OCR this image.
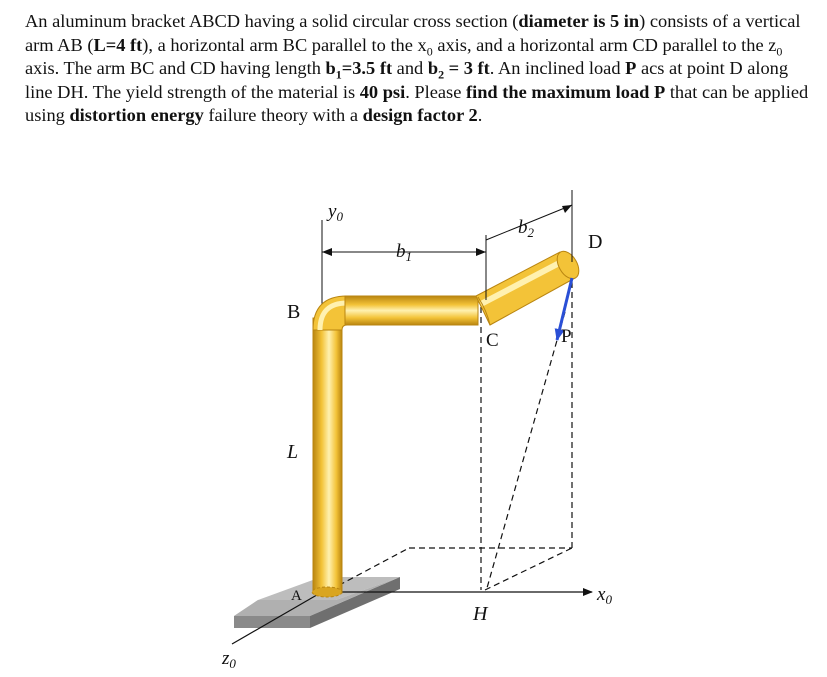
An aluminum bracket ABCD having a solid circular cross section (diameter is 5 in) consists of a vertical arm AB (L=4 ft), a horizontal arm BC parallel to the $x_0$ axis, and a horizontal arm CD parallel to the $z_0$ axis. The arm BC and CD having length $b_1=3.5$ ft and $b_2 = 3$ ft. An inclined load P acs at point D along line DH. The yield strength of the material is 40 psi. Please find the maximum load P that can be applied using distortion energy failure theory with a design factor 2.
$y_0$
$b_1$
$b_2$	D
B
C	P
L
A
H
$x_0$
$z_0$
